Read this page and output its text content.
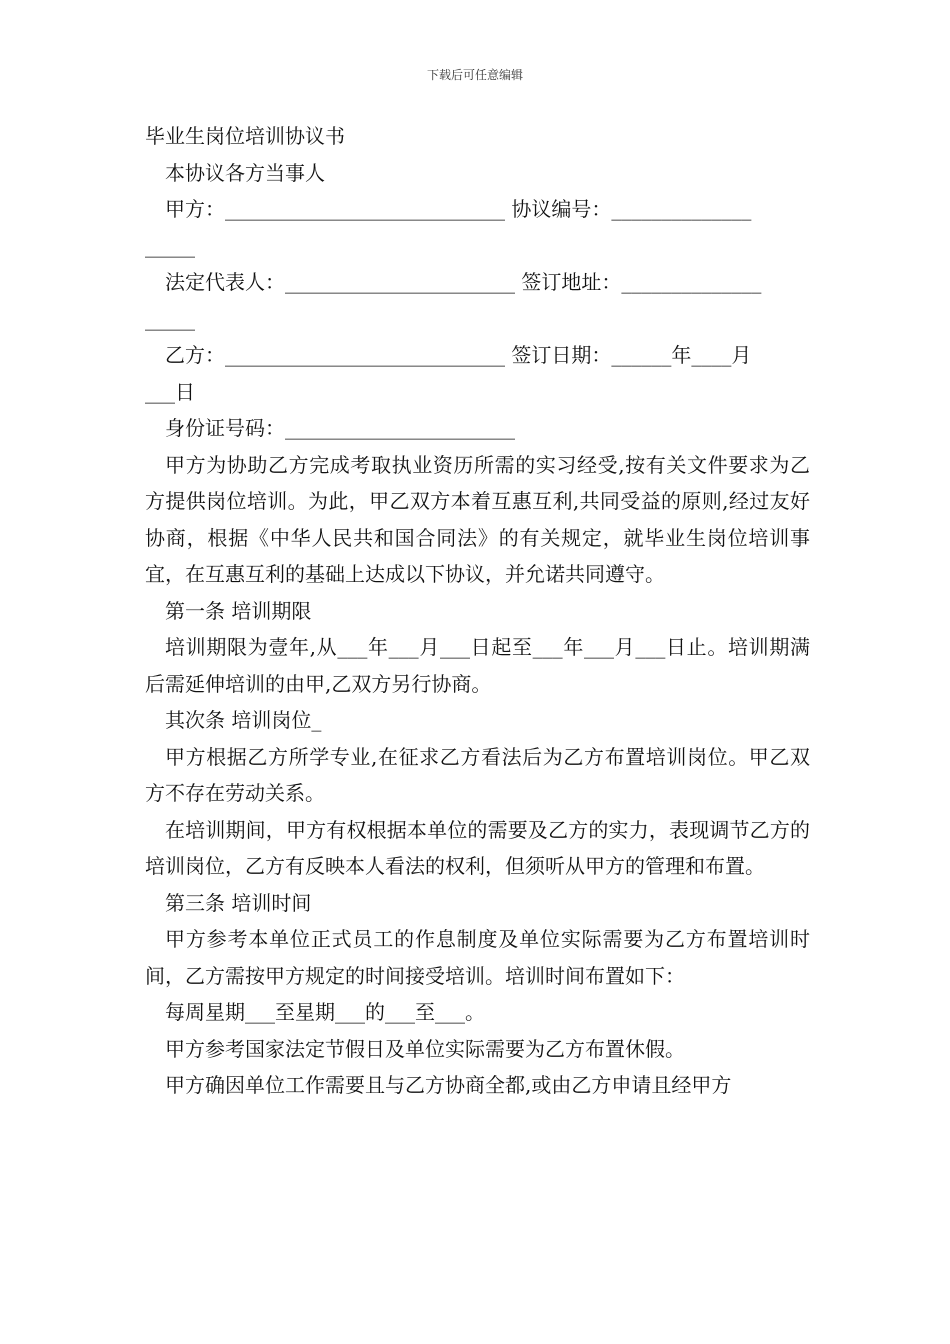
下载后可任意编辑
毕业生岗位培训协议书
本协议各方当事人
甲方：____________________________ 协议编号：______________
_____
法定代表人：_______________________ 签订地址：______________
_____
乙方：____________________________ 签订日期：______年____月
___日
身份证号码：_______________________
甲方为协助乙方完成考取执业资历所需的实习经受,按有关文件要求为乙方提供岗位培训。为此，甲乙双方本着互惠互利,共同受益的原则,经过友好协商，根据《中华人民共和国合同法》的有关规定，就毕业生岗位培训事宜，在互惠互利的基础上达成以下协议，并允诺共同遵守。
第一条 培训期限
培训期限为壹年,从___年___月___日起至___年___月___日止。培训期满后需延伸培训的由甲,乙双方另行协商。
其次条 培训岗位_
甲方根据乙方所学专业,在征求乙方看法后为乙方布置培训岗位。甲乙双方不存在劳动关系。
在培训期间，甲方有权根据本单位的需要及乙方的实力，表现调节乙方的培训岗位，乙方有反映本人看法的权利，但须听从甲方的管理和布置。
第三条 培训时间
甲方参考本单位正式员工的作息制度及单位实际需要为乙方布置培训时间，乙方需按甲方规定的时间接受培训。培训时间布置如下：
每周星期___至星期___的___至___。
甲方参考国家法定节假日及单位实际需要为乙方布置休假。
甲方确因单位工作需要且与乙方协商全都,或由乙方申请且经甲方
